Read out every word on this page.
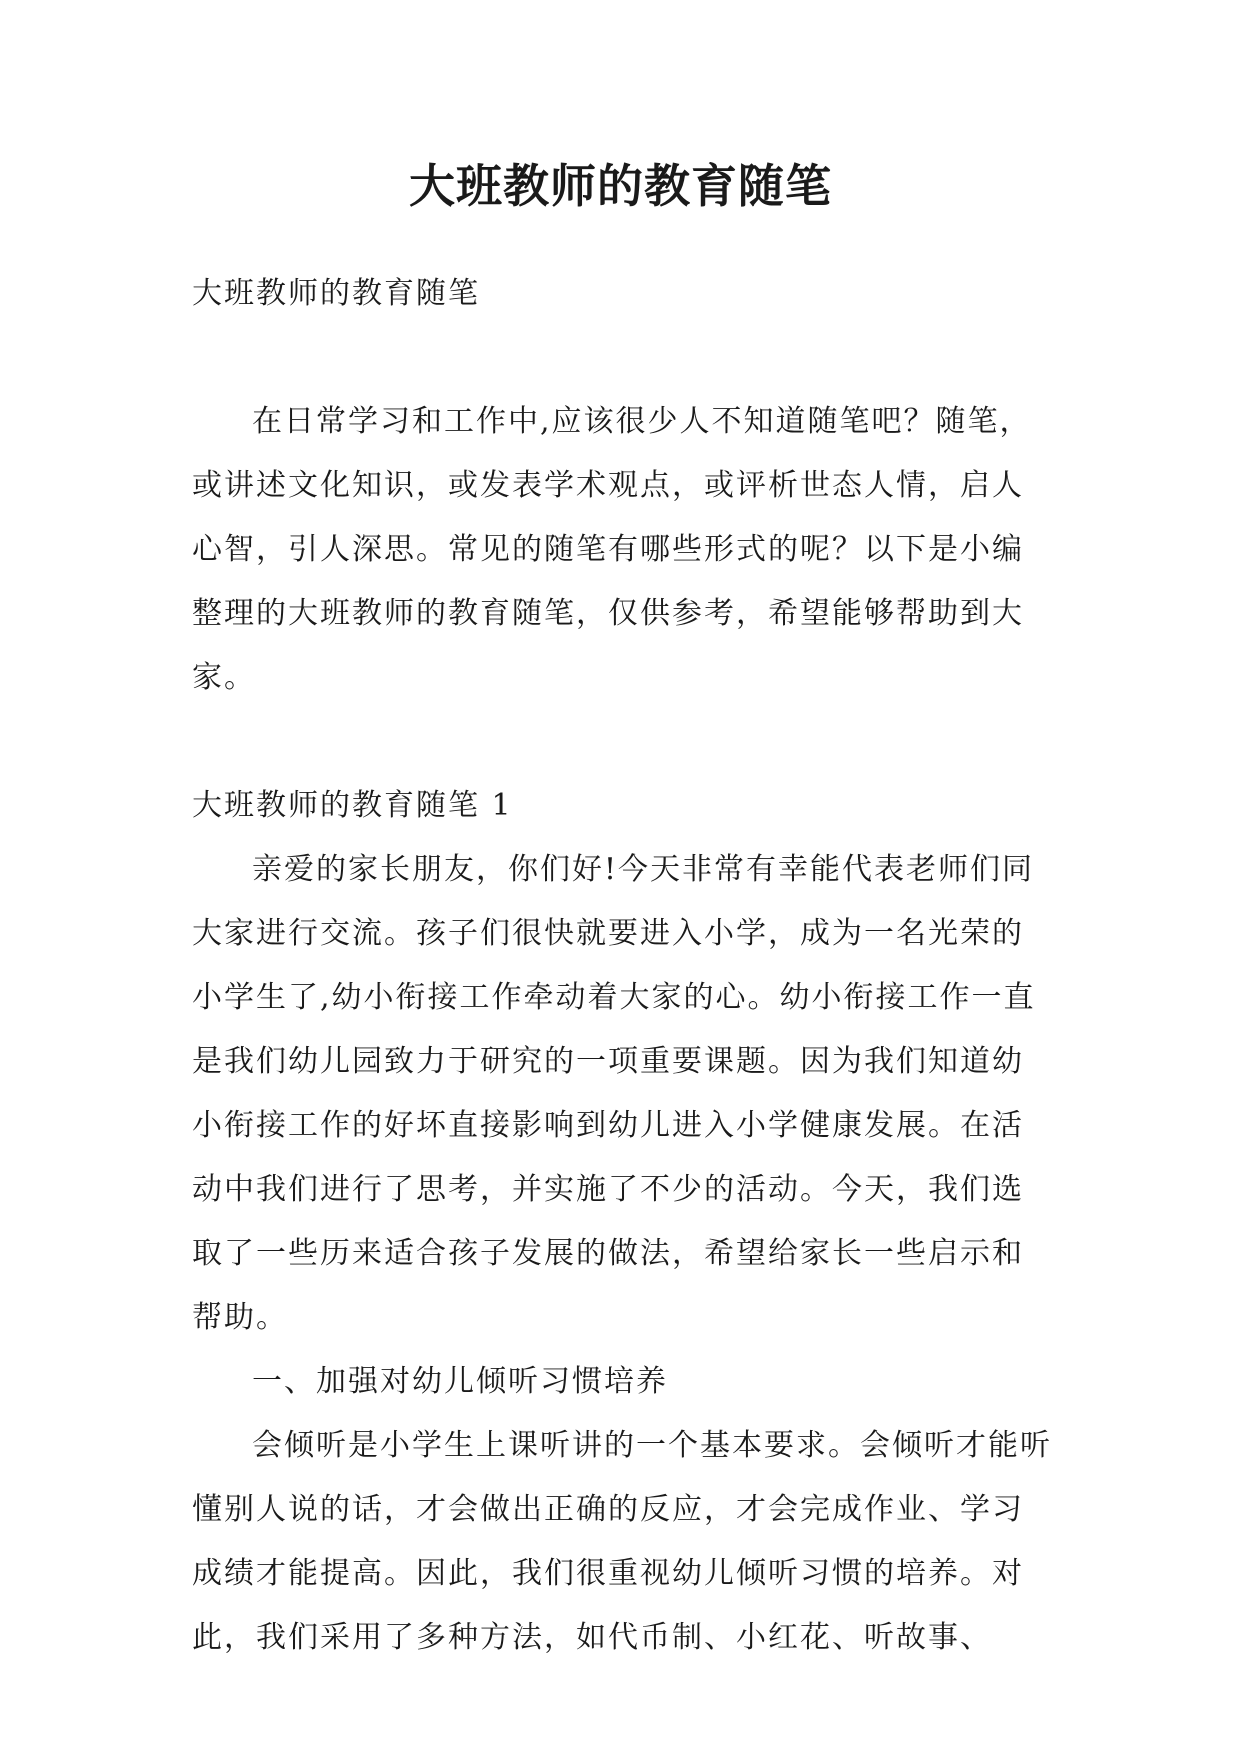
大班教师的教育随笔

大班教师的教育随笔

在日常学习和工作中,应该很少人不知道随笔吧？随笔，或讲述文化知识，或发表学术观点，或评析世态人情，启人心智，引人深思。常见的随笔有哪些形式的呢？以下是小编整理的大班教师的教育随笔，仅供参考，希望能够帮助到大家。

大班教师的教育随笔 1

亲爱的家长朋友，你们好!今天非常有幸能代表老师们同大家进行交流。孩子们很快就要进入小学，成为一名光荣的小学生了,幼小衔接工作牵动着大家的心。幼小衔接工作一直是我们幼儿园致力于研究的一项重要课题。因为我们知道幼小衔接工作的好坏直接影响到幼儿进入小学健康发展。在活动中我们进行了思考，并实施了不少的活动。今天，我们选取了一些历来适合孩子发展的做法，希望给家长一些启示和帮助。

一、加强对幼儿倾听习惯培养

会倾听是小学生上课听讲的一个基本要求。会倾听才能听懂别人说的话，才会做出正确的反应，才会完成作业、学习成绩才能提高。因此，我们很重视幼儿倾听习惯的培养。对此，我们采用了多种方法，如代币制、小红花、听故事、
